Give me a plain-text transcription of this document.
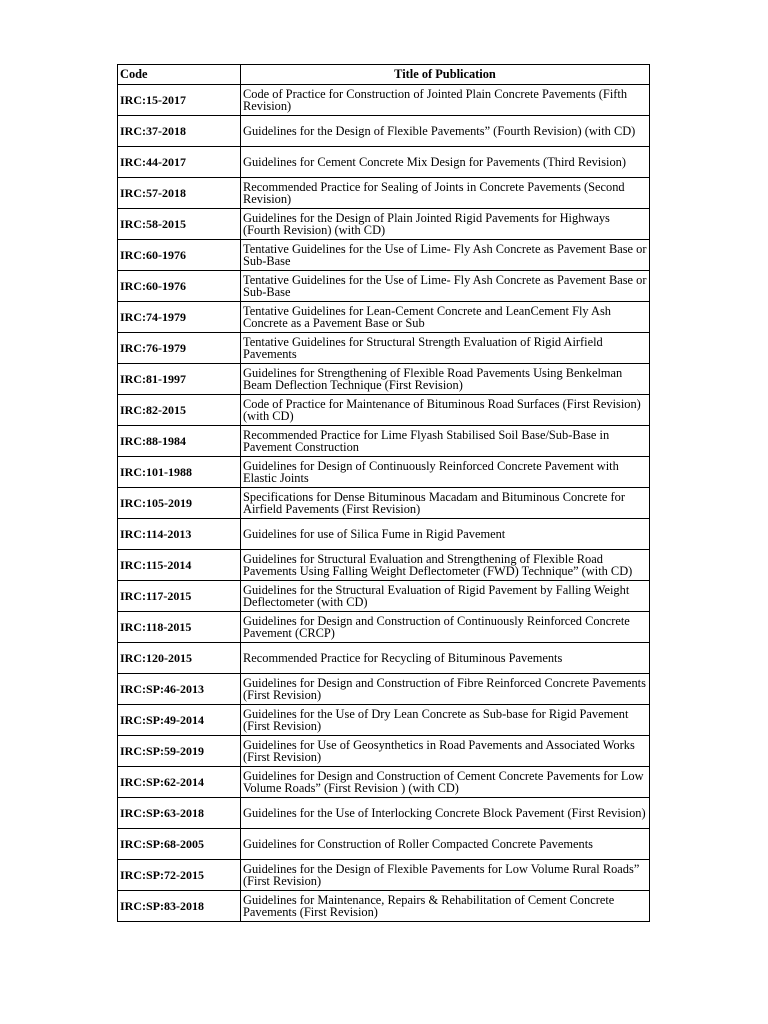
Code	Title of Publication
IRC:15-2017	Code of Practice for Construction of Jointed Plain Concrete Pavements (Fifth Revision)
IRC:37-2018	Guidelines for the Design of Flexible Pavements” (Fourth Revision) (with CD)
IRC:44-2017	Guidelines for Cement Concrete Mix Design for Pavements (Third Revision)
IRC:57-2018	Recommended Practice for Sealing of Joints in Concrete Pavements (Second Revision)
IRC:58-2015	Guidelines for the Design of Plain Jointed Rigid Pavements for Highways (Fourth Revision) (with CD)
IRC:60-1976	Tentative Guidelines for the Use of Lime- Fly Ash Concrete as Pavement Base or Sub-Base
IRC:60-1976	Tentative Guidelines for the Use of Lime- Fly Ash Concrete as Pavement Base or Sub-Base
IRC:74-1979	Tentative Guidelines for Lean-Cement Concrete and LeanCement Fly Ash Concrete as a Pavement Base or Sub
IRC:76-1979	Tentative Guidelines for Structural Strength Evaluation of Rigid Airfield Pavements
IRC:81-1997	Guidelines for Strengthening of Flexible Road Pavements Using Benkelman Beam Deflection Technique (First Revision)
IRC:82-2015	Code of Practice for Maintenance of Bituminous Road Surfaces (First Revision) (with CD)
IRC:88-1984	Recommended Practice for Lime Flyash Stabilised Soil Base/Sub-Base in Pavement Construction
IRC:101-1988	Guidelines for Design of Continuously Reinforced Concrete Pavement with Elastic Joints
IRC:105-2019	Specifications for Dense Bituminous Macadam and Bituminous Concrete for Airfield Pavements (First Revision)
IRC:114-2013	Guidelines for use of Silica Fume in Rigid Pavement
IRC:115-2014	Guidelines for Structural Evaluation and Strengthening of Flexible Road Pavements Using Falling Weight Deflectometer (FWD) Technique” (with CD)
IRC:117-2015	Guidelines for the Structural Evaluation of Rigid Pavement by Falling Weight Deflectometer (with CD)
IRC:118-2015	Guidelines for Design and Construction of Continuously Reinforced Concrete Pavement (CRCP)
IRC:120-2015	Recommended Practice for Recycling of Bituminous Pavements
IRC:SP:46-2013	Guidelines for Design and Construction of Fibre Reinforced Concrete Pavements (First Revision)
IRC:SP:49-2014	Guidelines for the Use of Dry Lean Concrete as Sub-base for Rigid Pavement (First Revision)
IRC:SP:59-2019	Guidelines for Use of Geosynthetics in Road Pavements and Associated Works (First Revision)
IRC:SP:62-2014	Guidelines for Design and Construction of Cement Concrete Pavements for Low Volume Roads” (First Revision ) (with CD)
IRC:SP:63-2018	Guidelines for the Use of Interlocking Concrete Block Pavement (First Revision)
IRC:SP:68-2005	Guidelines for Construction of Roller Compacted Concrete Pavements
IRC:SP:72-2015	Guidelines for the Design of Flexible Pavements for Low Volume Rural Roads” (First Revision)
IRC:SP:83-2018	Guidelines for Maintenance, Repairs & Rehabilitation of Cement Concrete Pavements (First Revision)
